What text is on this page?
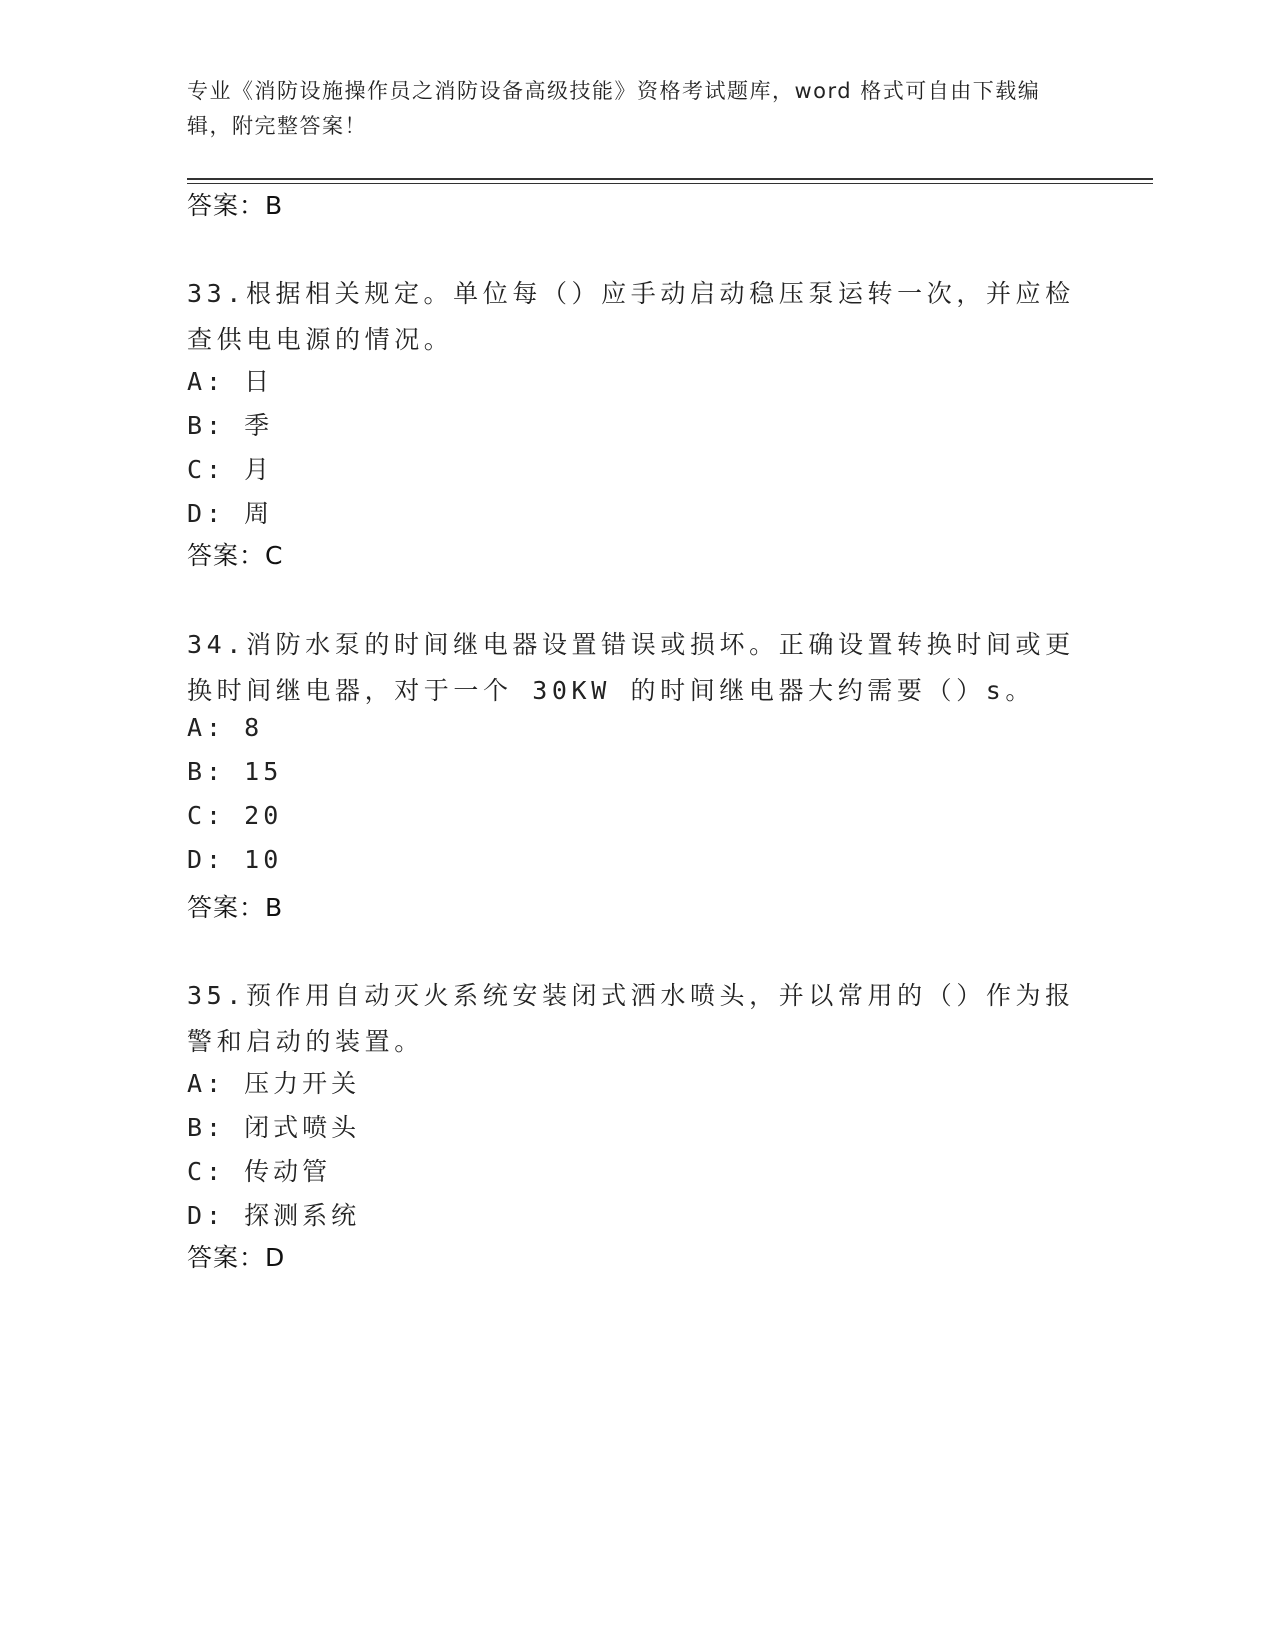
专业《消防设施操作员之消防设备高级技能》资格考试题库，word 格式可自由下载编辑，附完整答案！
答案：B
33.根据相关规定。单位每（）应手动启动稳压泵运转一次，并应检查供电电源的情况。
A: 日
B: 季
C: 月
D: 周
答案：C
34.消防水泵的时间继电器设置错误或损坏。正确设置转换时间或更换时间继电器，对于一个 30KW 的时间继电器大约需要（）s。
A: 8
B: 15
C: 20
D: 10
答案：B
35.预作用自动灭火系统安装闭式洒水喷头，并以常用的（）作为报警和启动的装置。
A: 压力开关
B: 闭式喷头
C: 传动管
D: 探测系统
答案：D
